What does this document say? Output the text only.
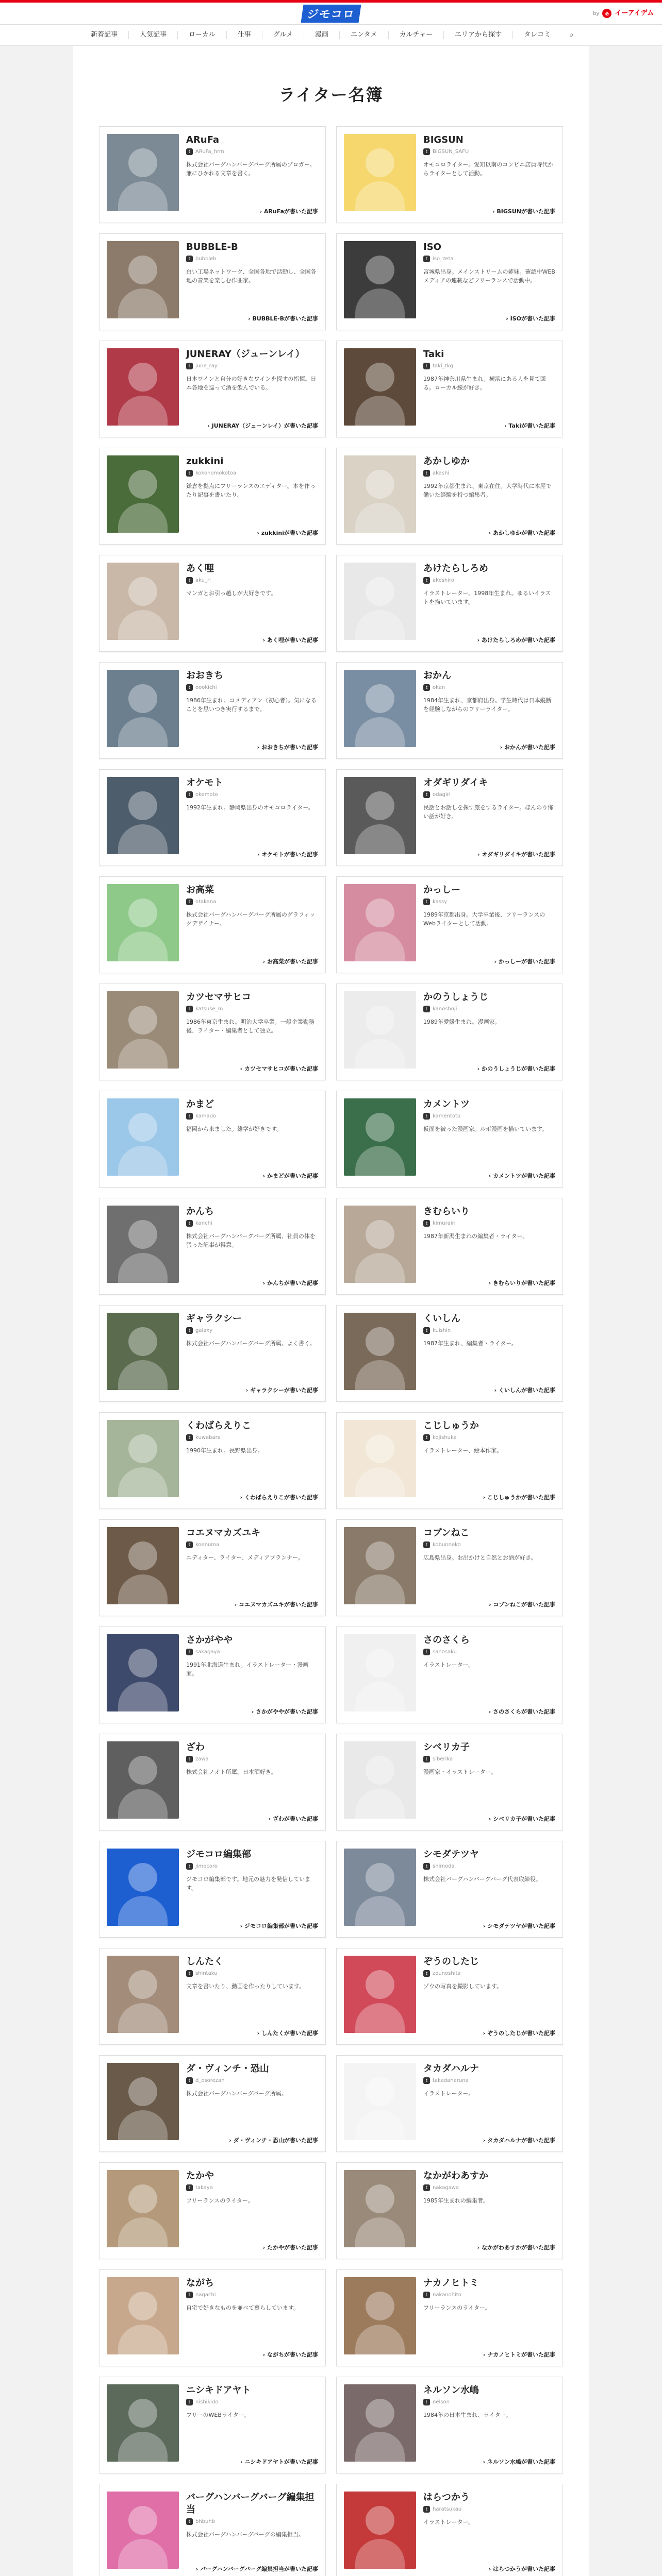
ジモコロ	by	e イーアイデム
新着記事	人気記事	ローカル	仕事	グルメ	漫画	エンタメ	カルチャー	エリアから探す	タレコミ	⌕
ライター名簿
ARuFa
t ARuFa_hrm
株式会社バーグハンバーグバーグ所属のブロガー。兼にひかれる文章を書く。
› ARuFaが書いた記事
BIGSUN
t BIGSUN_SAFU
オモコロライター。愛知以南のコンビニ店員時代からライターとして活動。
› BIGSUNが書いた記事
BUBBLE-B
t bubbleb
白い工場ネットワーク、全国各地で活動し、全国各地の音楽を楽しむ作曲家。
› BUBBLE-Bが書いた記事
ISO
t iso_zeta
宮城県出身。メインストリームの姉妹。確認中WEBメディアの連載などフリーランスで活動中。
› ISOが書いた記事
JUNERAY（ジューンレイ）
t june_ray
日本ワインと自分の好きなワインを探すの指揮。日本各地を巡って酒を飲んでいる。
› JUNERAY（ジューンレイ）が書いた記事
Taki
t taki_tkg
1987年神奈川県生まれ。横浜にある人を見て回る。ローカル線が好き。
› Takiが書いた記事
zukkini
t kokonomokotoa
鎌倉を拠点にフリーランスのエディター。本を作ったり記事を書いたり。
› zukkiniが書いた記事
あかしゆか
t akashi
1992年京都生まれ、東京在住。大学時代に本屋で働いた経験を持つ編集者。
› あかしゆかが書いた記事
あく哩
t aku_ri
マンガとお引っ越しが大好きです。
› あく哩が書いた記事
あけたらしろめ
t akeshiro
イラストレーター。1998年生まれ。ゆるいイラストを描いています。
› あけたらしろめが書いた記事
おおきち
t oookichi
1986年生まれ。コメディアン（初心者）。気になることを思いつき実行するまで。
› おおきちが書いた記事
おかん
t okan
1984年生まれ、京都府出身。学生時代は日本縦断を経験しながらのフリーライター。
› おかんが書いた記事
オケモト
t okemoto
1992年生まれ。静岡県出身のオモコロライター。
› オケモトが書いた記事
オダギリダイキ
t odagiri
民話とお話しを探す旅をするライター。ほんのり怖い話が好き。
› オダギリダイキが書いた記事
お高菜
t otakana
株式会社バーグハンバーグバーグ所属のグラフィックデザイナー。
› お高菜が書いた記事
かっしー
t kassy
1989年京都出身。大学卒業後、フリーランスのWebライターとして活動。
› かっしーが書いた記事
カツセマサヒコ
t katsuse_m
1986年東京生まれ。明治大学卒業。一般企業勤務後、ライター・編集者として独立。
› カツセマサヒコが書いた記事
かのうしょうじ
t kanoshoji
1989年愛媛生まれ。漫画家。
› かのうしょうじが書いた記事
かまど
t kamado
福岡から来ました。雑学が好きです。
› かまどが書いた記事
カメントツ
t kamentotu
仮面を被った漫画家。ルポ漫画を描いています。
› カメントツが書いた記事
かんち
t kanchi
株式会社バーグハンバーグバーグ所属、社員の体を張った記事が得意。
› かんちが書いた記事
きむらいり
t kimurairi
1987年新潟生まれの編集者・ライター。
› きむらいりが書いた記事
ギャラクシー
t galaxy
株式会社バーグハンバーグバーグ所属。よく書く。
› ギャラクシーが書いた記事
くいしん
t kuishin
1987年生まれ、編集者・ライター。
› くいしんが書いた記事
くわばらえりこ
t kuwabara
1990年生まれ。長野県出身。
› くわばらえりこが書いた記事
こじしゅうか
t kojishuka
イラストレーター、絵本作家。
› こじしゅうかが書いた記事
コエヌマカズユキ
t koenuma
エディター、ライター、メディアプランナー。
› コエヌマカズユキが書いた記事
コブンねこ
t kobunneko
広島県出身。お出かけと自然とお酒が好き。
› コブンねこが書いた記事
さかがやや
t sakagaya
1991年北海道生まれ。イラストレーター・漫画家。
› さかがややが書いた記事
さのさくら
t sanosaku
イラストレーター。
› さのさくらが書いた記事
ざわ
t zawa
株式会社ノオト所属。日本酒好き。
› ざわが書いた記事
シベリカ子
t siberika
漫画家・イラストレーター。
› シベリカ子が書いた記事
ジモコロ編集部
t jimocoro
ジモコロ編集部です。地元の魅力を発信しています。
› ジモコロ編集部が書いた記事
シモダテツヤ
t shimoda
株式会社バーグハンバーグバーグ代表取締役。
› シモダテツヤが書いた記事
しんたく
t shintaku
文章を書いたり、動画を作ったりしています。
› しんたくが書いた記事
ぞうのしたじ
t zounoshita
ゾウの写真を撮影しています。
› ぞうのしたじが書いた記事
ダ・ヴィンチ・恐山
t d_osorezan
株式会社バーグハンバーグバーグ所属。
› ダ・ヴィンチ・恐山が書いた記事
タカダハルナ
t takadaharuna
イラストレーター。
› タカダハルナが書いた記事
たかや
t takaya
フリーランスのライター。
› たかやが書いた記事
なかがわあすか
t nakagawa
1985年生まれの編集者。
› なかがわあすかが書いた記事
ながち
t nagachi
自宅で好きなものを並べて暮らしています。
› ながちが書いた記事
ナカノヒトミ
t nakanohito
フリーランスのライター。
› ナカノヒトミが書いた記事
ニシキドアヤト
t nishikido
フリーのWEBライター。
› ニシキドアヤトが書いた記事
ネルソン水嶋
t nelson
1984年の日本生まれ、ライター。
› ネルソン水嶋が書いた記事
バーグハンバーグバーグ編集担当
t bhbuhb
株式会社バーグハンバーグバーグの編集担当。
› バーグハンバーグバーグ編集担当が書いた記事
はらつかう
t haratsukau
イラストレーター。
› はらつかうが書いた記事
